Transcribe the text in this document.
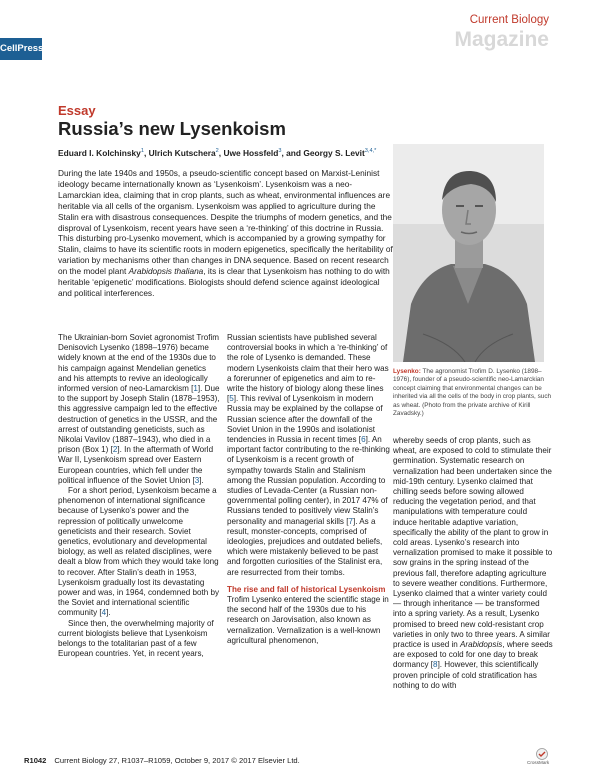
Current Biology
Magazine
CellPress
Essay
Russia’s new Lysenkoism
Eduard I. Kolchinsky$^1$, Ulrich Kutschera$^2$, Uwe Hossfeld$^3$, and Georgy S. Levit$^{3,4,*}$

During the late 1940s and 1950s, a pseudo-scientific concept based on Marxist-Leninist ideology became internationally known as ‘Lysenkoism’. Lysenkoism was a neo-Lamarckian idea, claiming that in crop plants, such as wheat, environmental influences are heritable via all cells of the organism. Lysenkoism was applied to agriculture during the Stalin era with disastrous consequences. Despite the triumphs of modern genetics, and the disproval of Lysenkoism, recent years have seen a ‘re-thinking’ of this doctrine in Russia. This disturbing pro-Lysenko movement, which is accompanied by a growing sympathy for Stalin, claims to have its scientific roots in modern epigenetics, specifically the heritability of variation by mechanisms other than changes in DNA sequence. Based on recent research on the model plant Arabidopsis thaliana, its is clear that Lysenkoism has nothing to do with heritable ‘epigenetic’ modifications. Biologists should defend science against ideological and political interferences.

Lysenko: The agronomist Trofim D. Lysenko (1898–1976), founder of a pseudo-scientific neo-Lamarckian concept claiming that environmental changes can be inherited via all the cells of the body in crop plants, such as wheat. (Photo from the private archive of Kirill Zavadsky.)

The Ukrainian-born Soviet agronomist Trofim Denisovich Lysenko (1898–1976) became widely known at the end of the 1930s due to his campaign against Mendelian genetics and his attempts to revive an ideologically informed version of neo-Lamarckism [1]. Due to the support by Joseph Stalin (1878–1953), this aggressive campaign led to the effective destruction of genetics in the USSR, and the arrest of outstanding geneticists, such as Nikolai Vavilov (1887–1943), who died in a prison (Box 1) [2]. In the aftermath of World War II, Lysenkoism spread over Eastern European countries, which fell under the political influence of the Soviet Union [3].

For a short period, Lysenkoism became a phenomenon of international significance because of Lysenko’s power and the repression of politically unwelcome geneticists and their research. Soviet genetics, evolutionary and developmental biology, as well as related disciplines, were dealt a blow from which they would take long to recover. After Stalin’s death in 1953, Lysenkoism gradually lost its devastating power and was, in 1964, condemned both by the Soviet and international scientific community [4].

Since then, the overwhelming majority of current biologists believe that Lysenkoism belongs to the totalitarian past of a few European countries. Yet, in recent years,

Russian scientists have published several controversial books in which a ‘re-thinking’ of the role of Lysenko is demanded. These modern Lysenkoists claim that their hero was a forerunner of epigenetics and aim to re-write the history of biology along these lines [5]. This revival of Lysenkoism in modern Russia may be explained by the collapse of Russian science after the downfall of the Soviet Union in the 1990s and isolationist tendencies in Russia in recent times [6]. An important factor contributing to the re-thinking of Lysenkoism is a recent growth of sympathy towards Stalin and Stalinism among the Russian population. According to studies of Levada-Center (a Russian non-governmental polling center), in 2017 47% of Russians tended to positively view Stalin’s personality and managerial skills [7]. As a result, monster-concepts, comprised of ideologies, prejudices and outdated beliefs, which were mistakenly believed to be past and forgotten curiosities of the Stalinist era, are resurrected from their tombs.

The rise and fall of historical Lysenkoism

Trofim Lysenko entered the scientific stage in the second half of the 1930s due to his research on Jarovisation, also known as vernalization. Vernalization is a well-known agricultural phenomenon,

whereby seeds of crop plants, such as wheat, are exposed to cold to stimulate their germination. Systematic research on vernalization had been undertaken since the mid-19th century. Lysenko claimed that chilling seeds before sowing allowed reducing the vegetation period, and that manipulations with temperature could induce heritable adaptive variation, specifically the ability of the plant to grow in cold areas. Lysenko’s research into vernalization promised to make it possible to sow grains in the spring instead of the previous fall, therefore adapting agriculture to severe weather conditions. Furthermore, Lysenko claimed that a winter variety could — through inheritance — be transformed into a spring variety. As a result, Lysenko promised to breed new cold-resistant crop varieties in only two to three years. A similar practice is used in Arabidopsis, where seeds are exposed to cold for one day to break dormancy [8]. However, this scientifically proven principle of cold stratification has nothing to do with

R1042 Current Biology 27, R1037–R1059, October 9, 2017 © 2017 Elsevier Ltd.	CrossMark
